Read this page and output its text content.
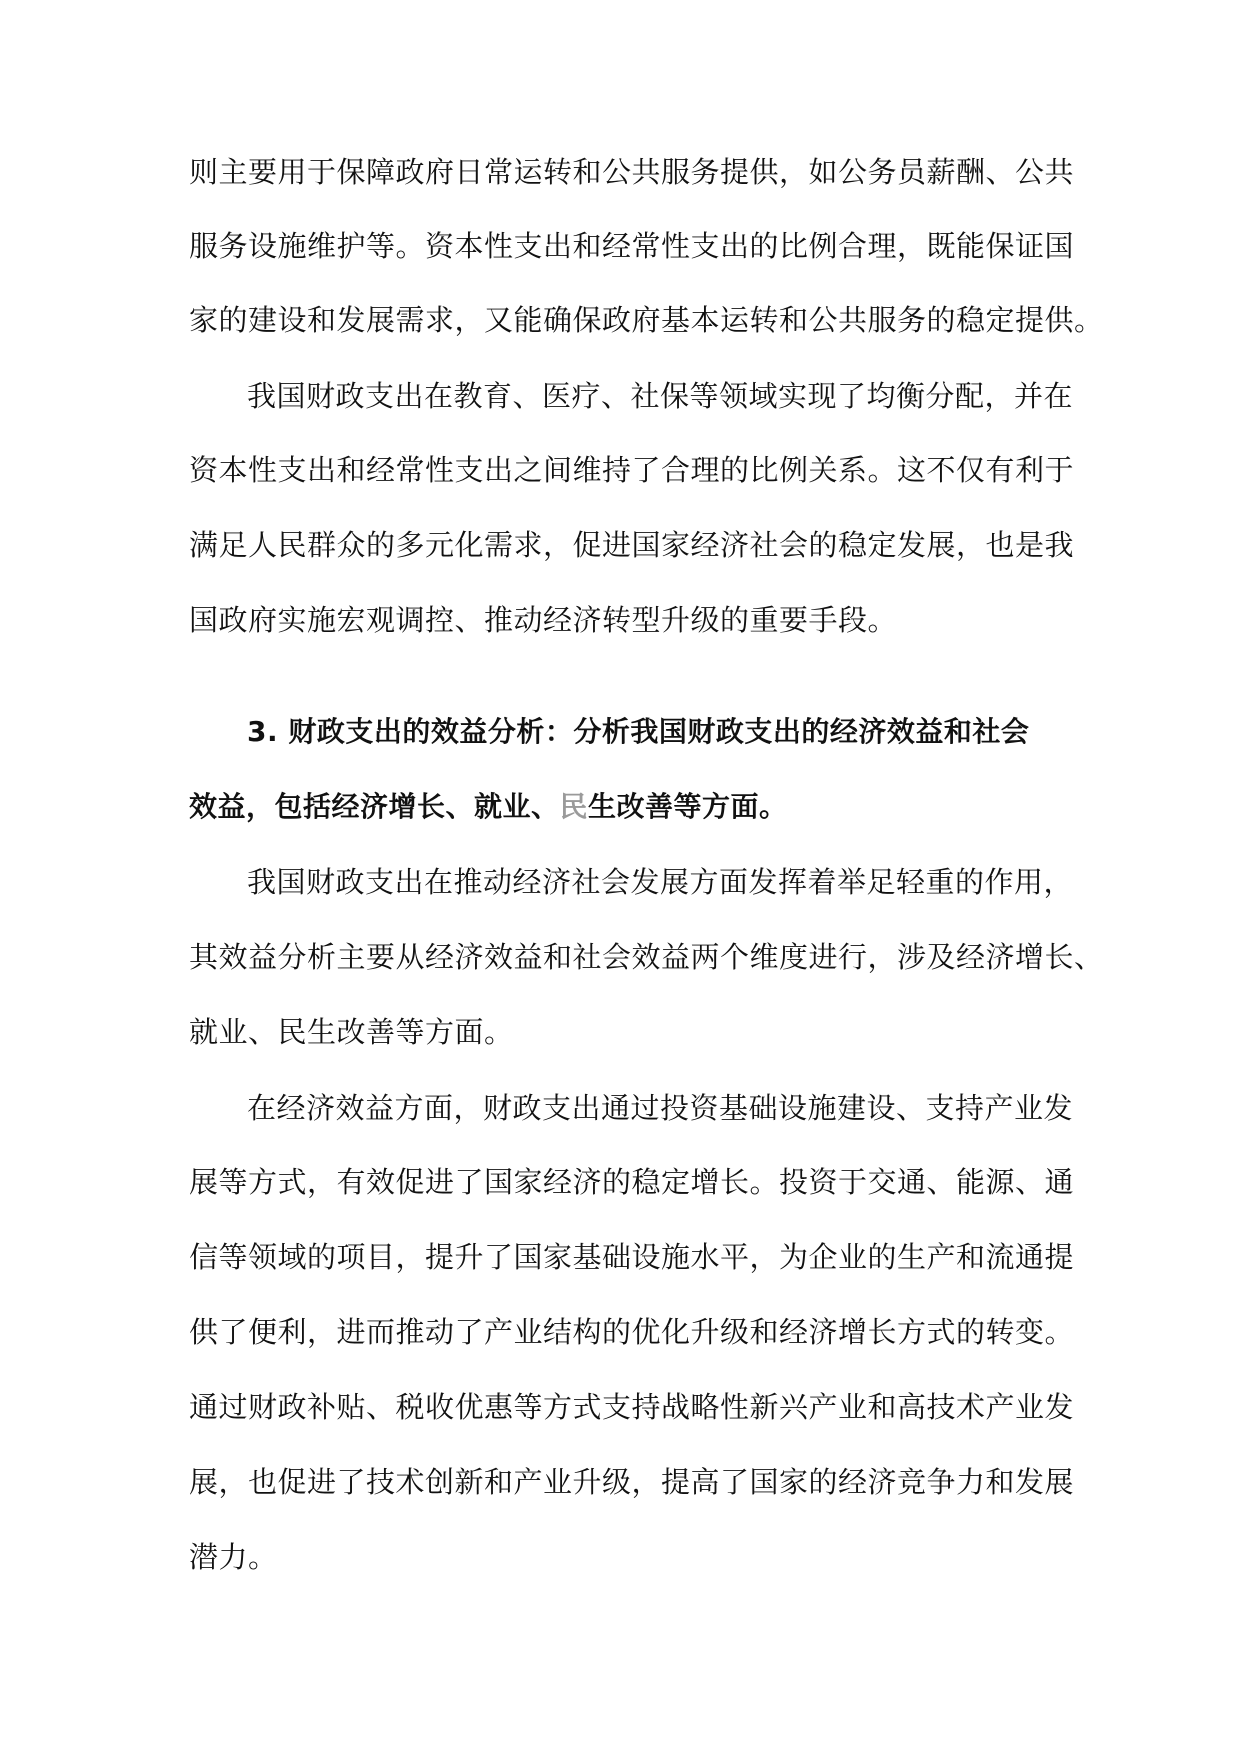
则主要用于保障政府日常运转和公共服务提供，如公务员薪酬、公共
服务设施维护等。资本性支出和经常性支出的比例合理，既能保证国
家的建设和发展需求，又能确保政府基本运转和公共服务的稳定提供。
我国财政支出在教育、医疗、社保等领域实现了均衡分配，并在
资本性支出和经常性支出之间维持了合理的比例关系。这不仅有利于
满足人民群众的多元化需求，促进国家经济社会的稳定发展，也是我
国政府实施宏观调控、推动经济转型升级的重要手段。
3. 财政支出的效益分析：分析我国财政支出的经济效益和社会
效益，包括经济增长、就业、民生改善等方面。
我国财政支出在推动经济社会发展方面发挥着举足轻重的作用，
其效益分析主要从经济效益和社会效益两个维度进行，涉及经济增长、
就业、民生改善等方面。
在经济效益方面，财政支出通过投资基础设施建设、支持产业发
展等方式，有效促进了国家经济的稳定增长。投资于交通、能源、通
信等领域的项目，提升了国家基础设施水平，为企业的生产和流通提
供了便利，进而推动了产业结构的优化升级和经济增长方式的转变。
通过财政补贴、税收优惠等方式支持战略性新兴产业和高技术产业发
展，也促进了技术创新和产业升级，提高了国家的经济竞争力和发展
潜力。
